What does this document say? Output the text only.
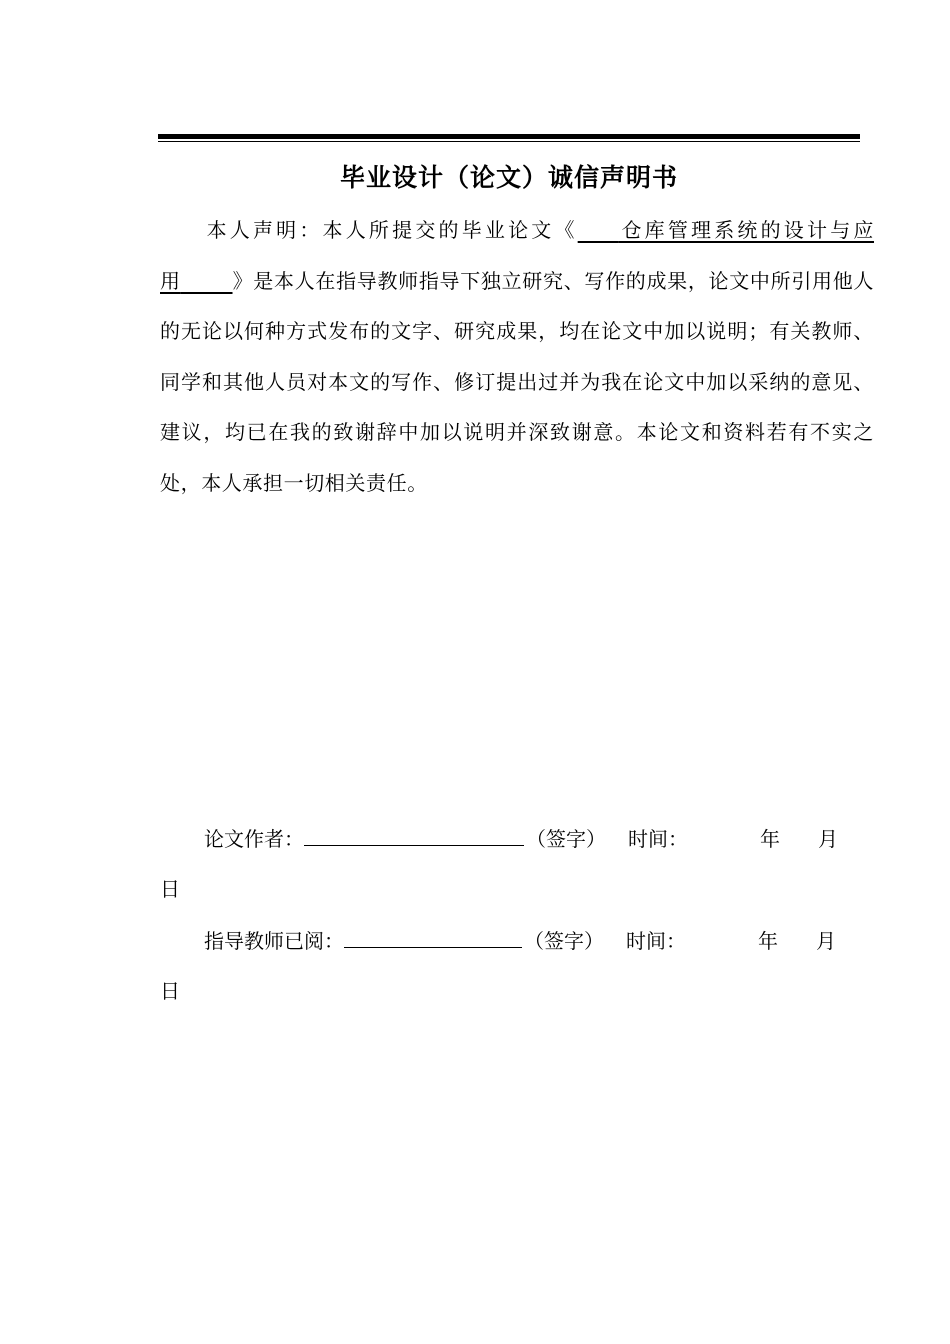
毕业设计（论文）诚信声明书
本人声明：本人所提交的毕业论文《   仓库管理系统的设计与应用   	》是本人在指导教师指导下独立研究、写作的成果，论文中所引用他人的无论以何种方式发布的文字、研究成果，均在论文中加以说明；有关教师、同学和其他人员对本文的写作、修订提出过并为我在论文中加以采纳的意见、建议，均已在我的致谢辞中加以说明并深致谢意。本论文和资料若有不实之处，本人承担一切相关责任。
论文作者：	（签字） 时间：	年 月
日
指导教师已阅：	（签字） 时间：	年 月
日
